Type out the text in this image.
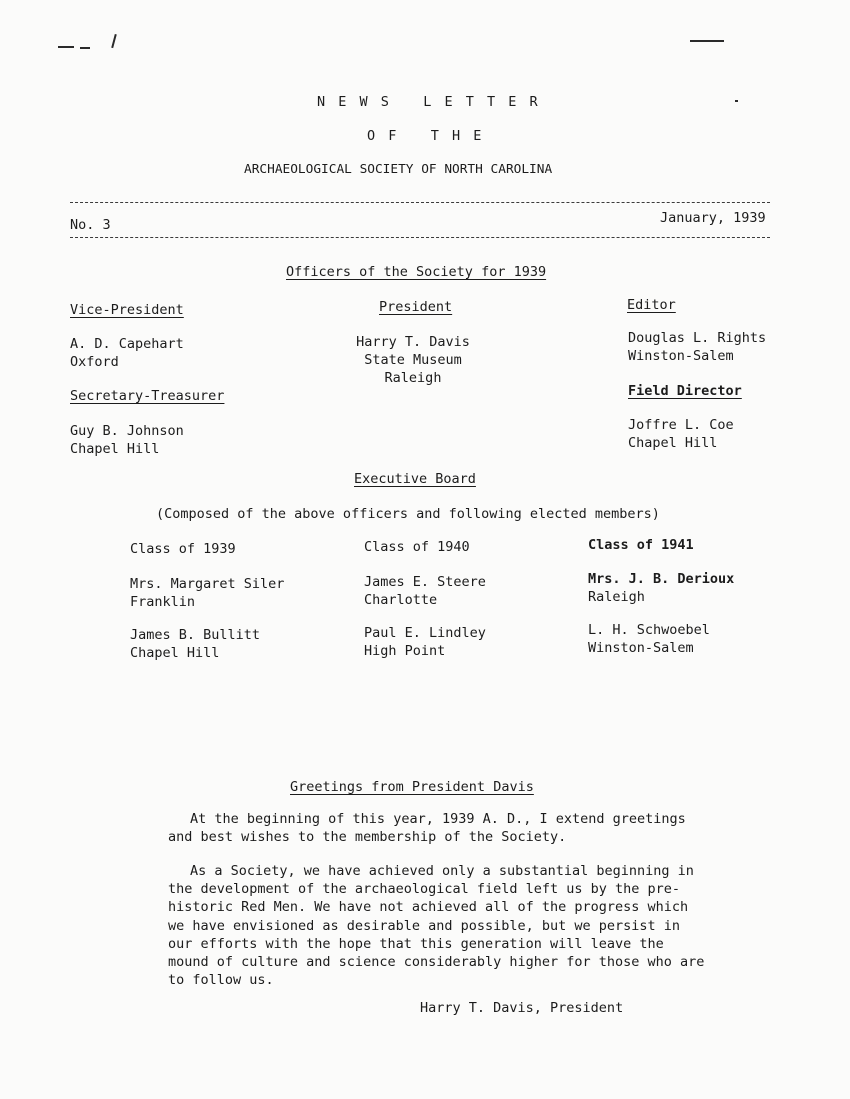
N E W S   L E T T E R
O F   T H E
ARCHAEOLOGICAL SOCIETY OF NORTH CAROLINA
No. 3	January, 1939
Officers of the Society for 1939
Vice-President
A. D. Capehart
Oxford
President
Harry T. Davis
State Museum
Raleigh
Editor
Douglas L. Rights
Winston-Salem
Secretary-Treasurer
Guy B. Johnson
Chapel Hill
Field Director
Joffre L. Coe
Chapel Hill
Executive Board
(Composed of the above officers and following elected members)
Class of 1939
Mrs. Margaret Siler
Franklin
James B. Bullitt
Chapel Hill
Class of 1940
James E. Steere
Charlotte
Paul E. Lindley
High Point
Class of 1941
Mrs. J. B. Derioux
Raleigh
L. H. Schwoebel
Winston-Salem
Greetings from President Davis
At the beginning of this year, 1939 A. D., I extend greetings
and best wishes to the membership of the Society.
As a Society, we have achieved only a substantial beginning in
the development of the archaeological field left us by the pre-
historic Red Men. We have not achieved all of the progress which
we have envisioned as desirable and possible, but we persist in
our efforts with the hope that this generation will leave the
mound of culture and science considerably higher for those who are
to follow us.
Harry T. Davis, President
